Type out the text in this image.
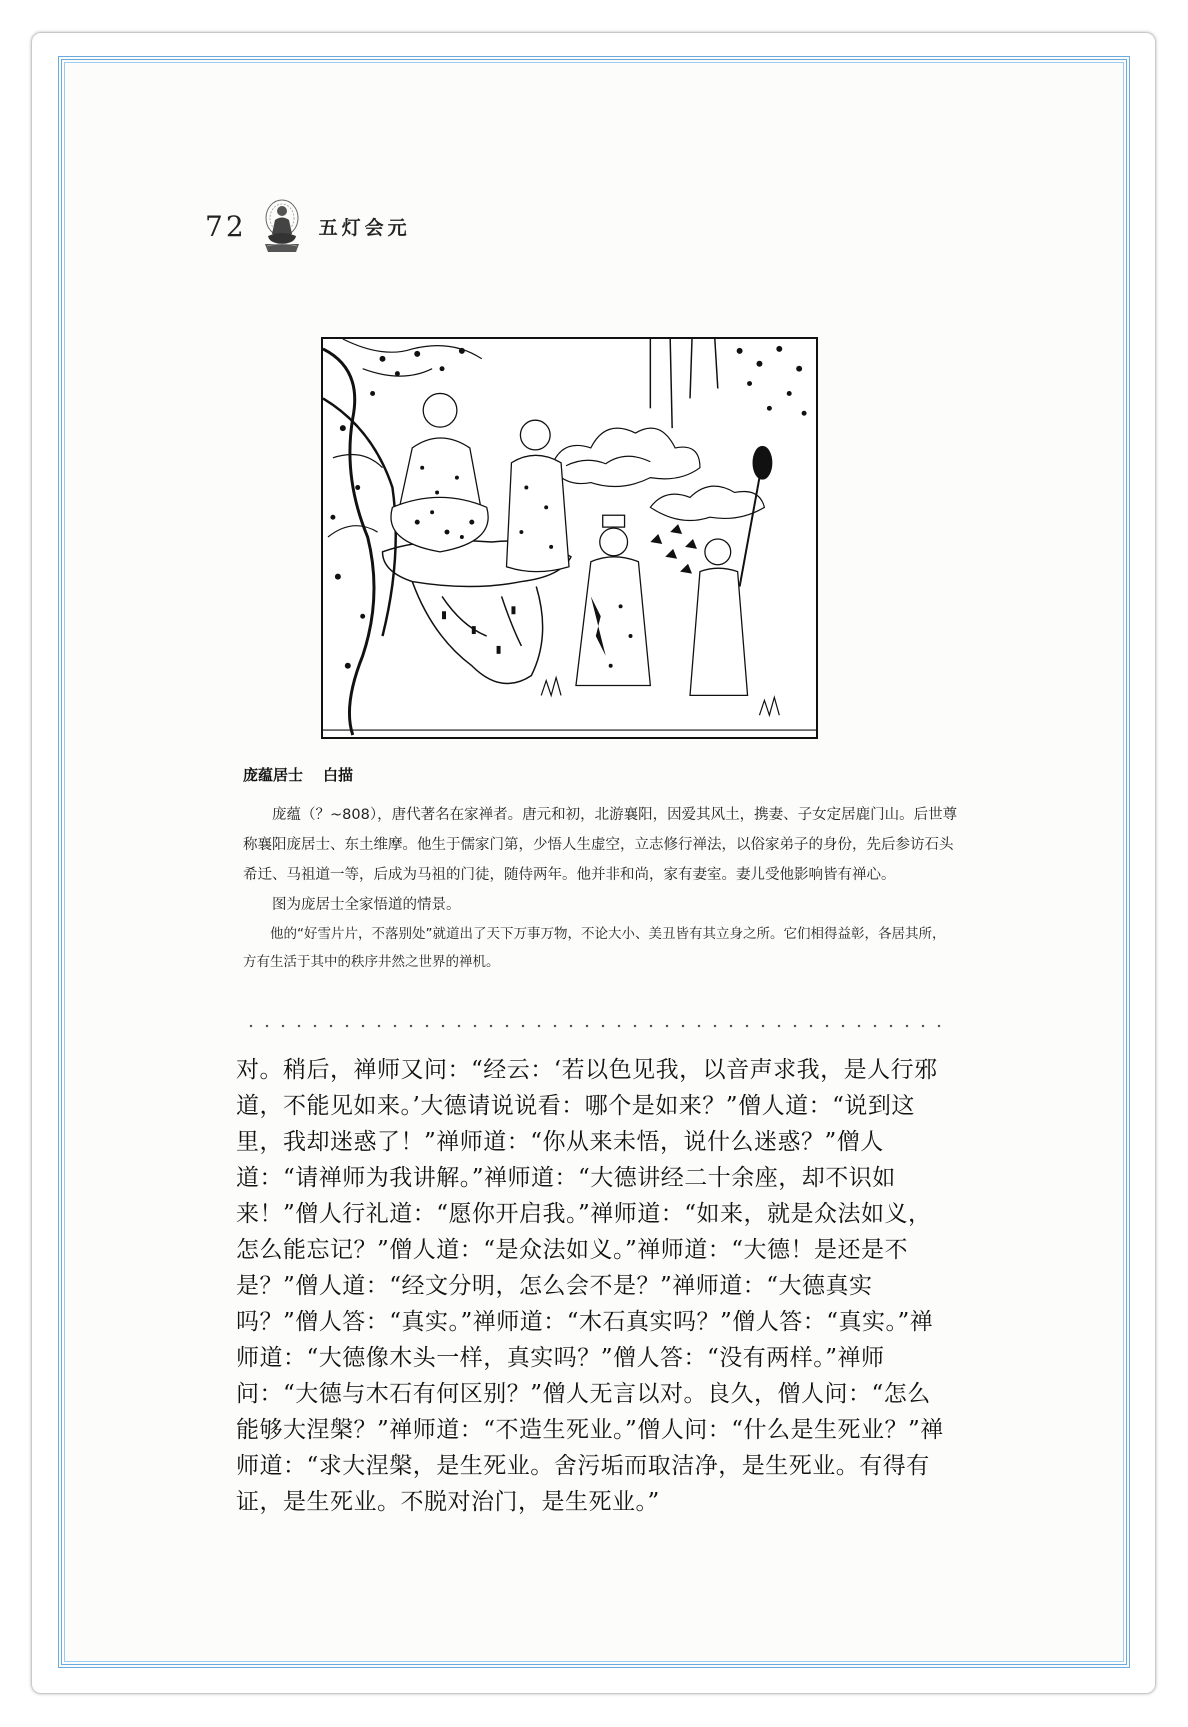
72	五灯会元
庞蕴居士 白描

庞蕴（？~808），唐代著名在家禅者。唐元和初，北游襄阳，因爱其风土，携妻、子女定居鹿门山。后世尊称襄阳庞居士、东土维摩。他生于儒家门第，少悟人生虚空，立志修行禅法，以俗家弟子的身份，先后参访石头希迁、马祖道一等，后成为马祖的门徒，随侍两年。他并非和尚，家有妻室。妻儿受他影响皆有禅心。

图为庞居士全家悟道的情景。

他的“好雪片片，不落别处”就道出了天下万事万物，不论大小、美丑皆有其立身之所。它们相得益彰，各居其所，方有生活于其中的秩序井然之世界的禅机。

对。稍后，禅师又问：“经云：‘若以色见我，以音声求我，是人行邪道，不能见如来。’大德请说说看：哪个是如来？”僧人道：“说到这里，我却迷惑了！”禅师道：“你从来未悟，说什么迷惑？”僧人道：“请禅师为我讲解。”禅师道：“大德讲经二十余座，却不识如来！”僧人行礼道：“愿你开启我。”禅师道：“如来，就是众法如义，怎么能忘记？”僧人道：“是众法如义。”禅师道：“大德！是还是不是？”僧人道：“经文分明，怎么会不是？”禅师道：“大德真实吗？”僧人答：“真实。”禅师道：“木石真实吗？”僧人答：“真实。”禅师道：“大德像木头一样，真实吗？”僧人答：“没有两样。”禅师问：“大德与木石有何区别？”僧人无言以对。良久，僧人问：“怎么能够大涅槃？”禅师道：“不造生死业。”僧人问：“什么是生死业？”禅师道：“求大涅槃，是生死业。舍污垢而取洁净，是生死业。有得有证，是生死业。不脱对治门，是生死业。”
